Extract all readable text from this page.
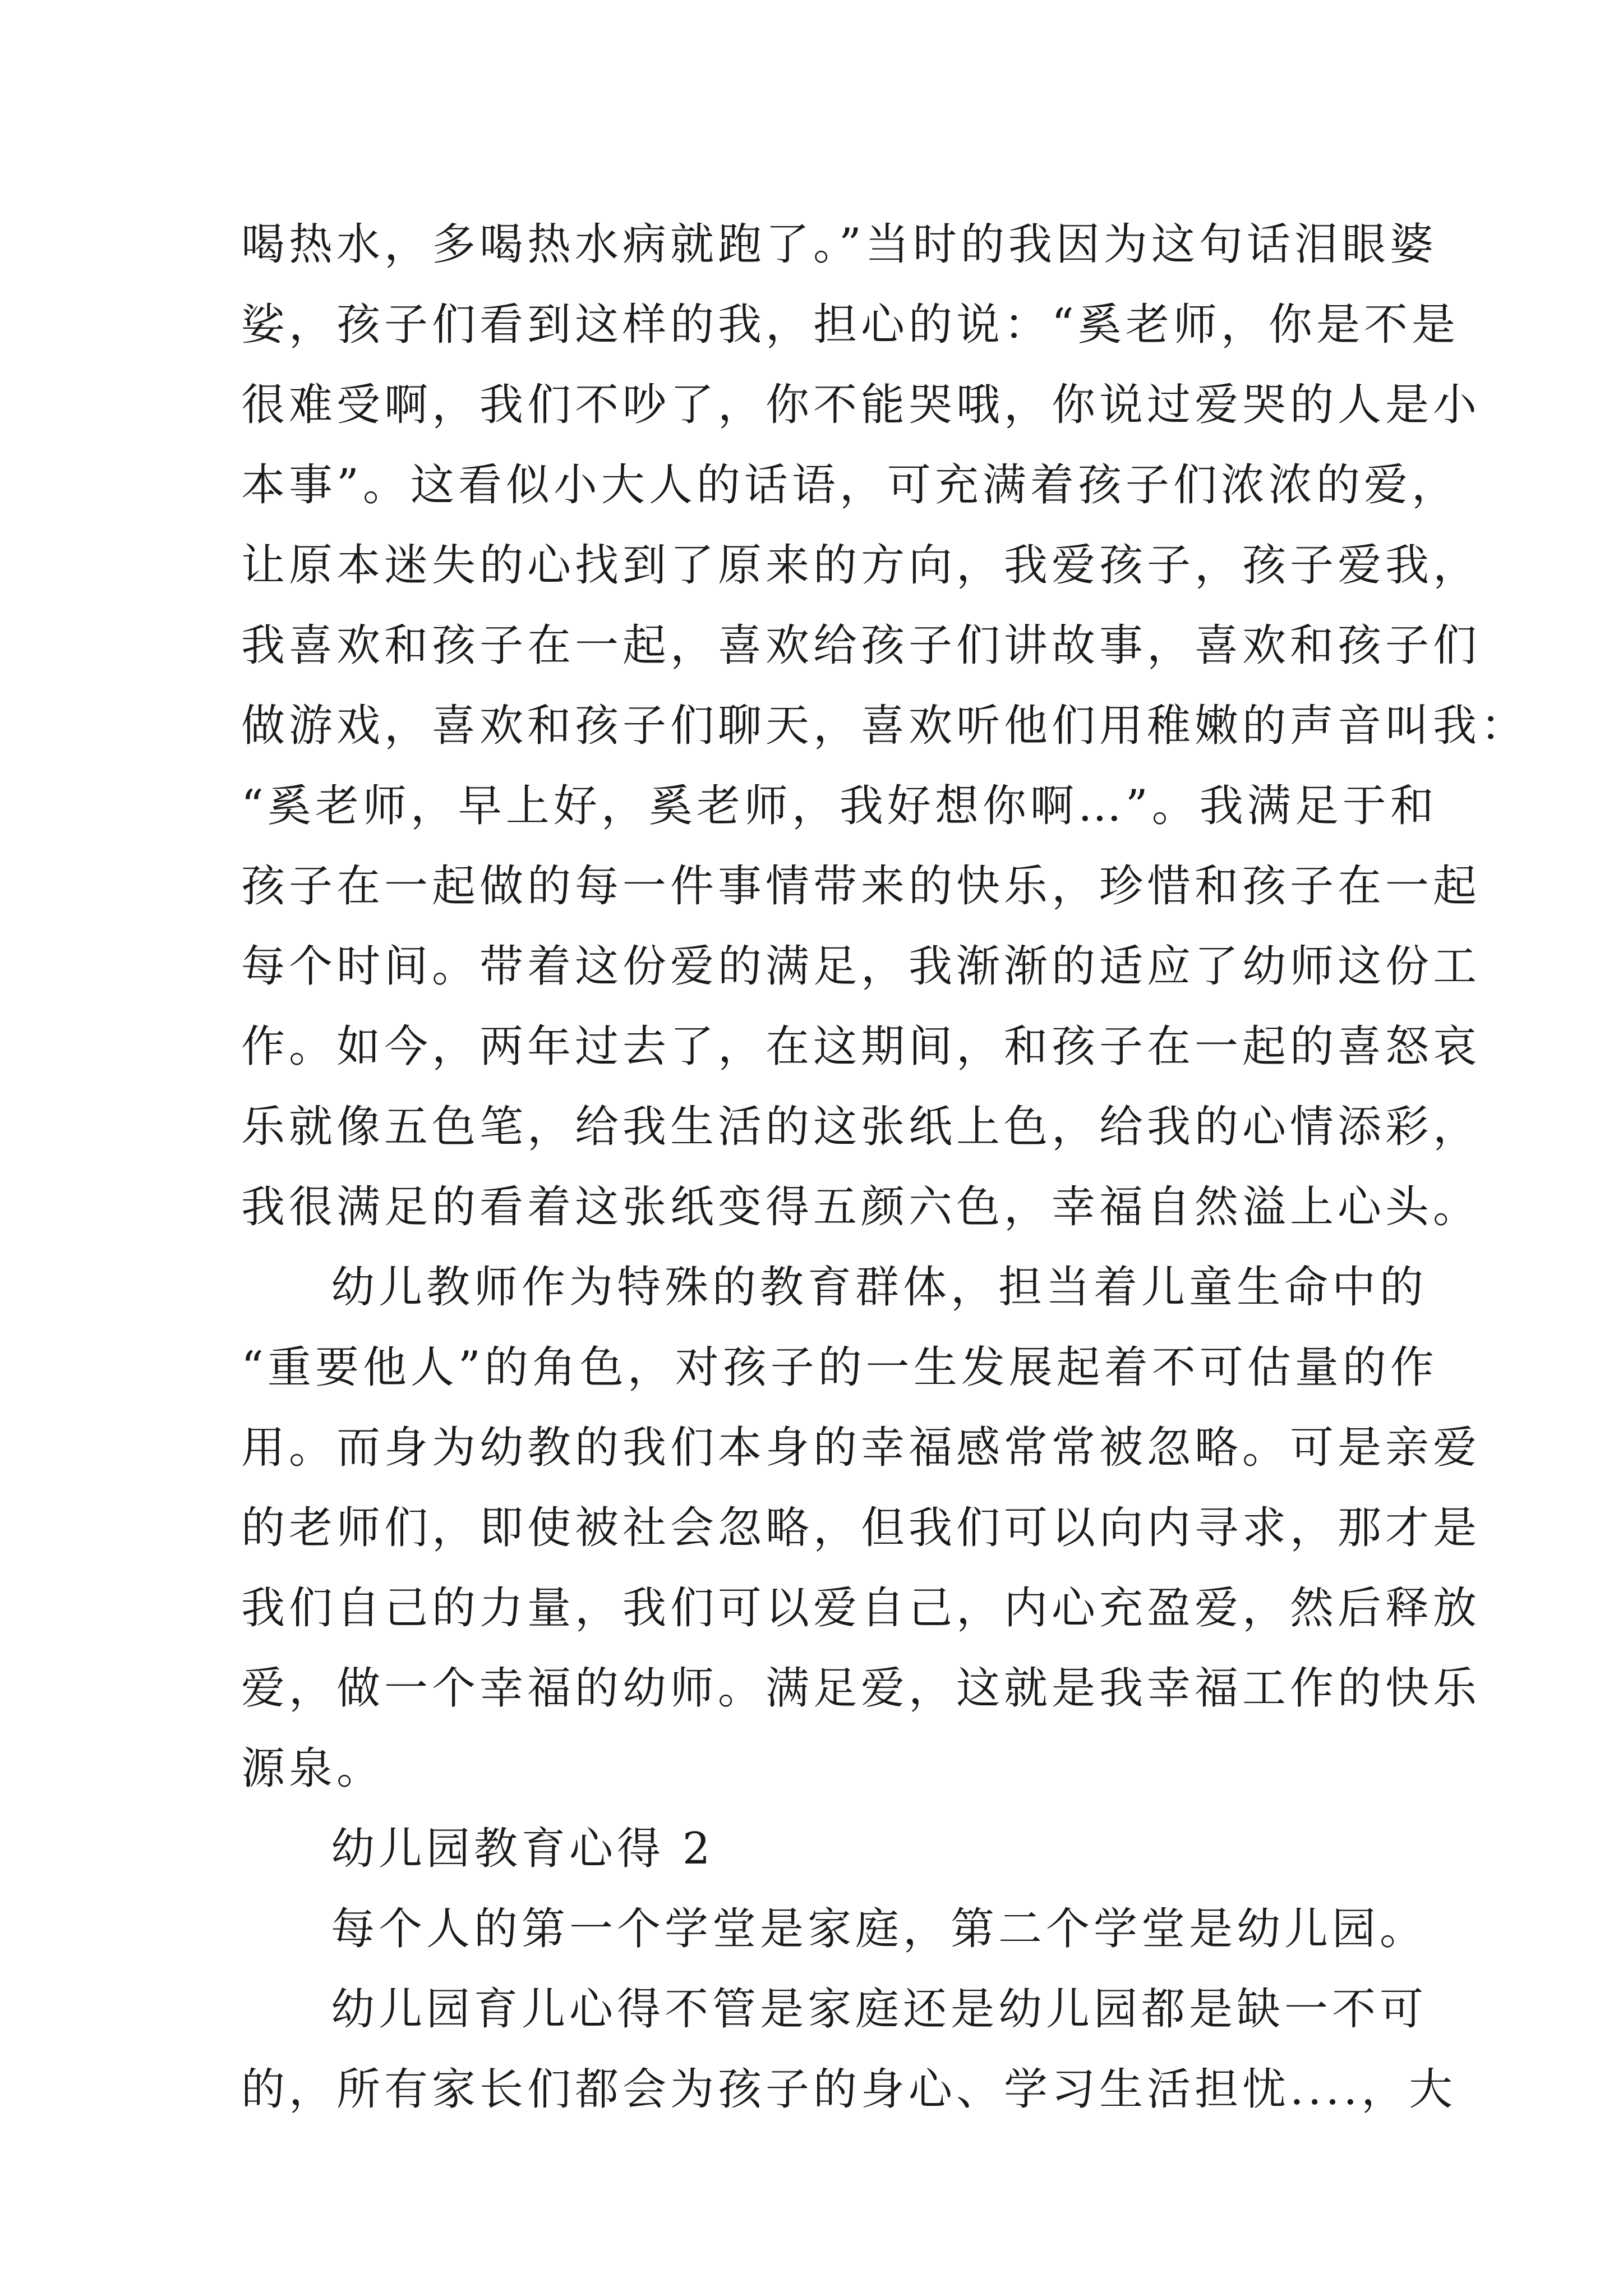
喝热水，多喝热水病就跑了。”当时的我因为这句话泪眼婆
娑，孩子们看到这样的我，担心的说：“奚老师，你是不是
很难受啊，我们不吵了，你不能哭哦，你说过爱哭的人是小
本事”。这看似小大人的话语，可充满着孩子们浓浓的爱，
让原本迷失的心找到了原来的方向，我爱孩子，孩子爱我，
我喜欢和孩子在一起，喜欢给孩子们讲故事，喜欢和孩子们
做游戏，喜欢和孩子们聊天，喜欢听他们用稚嫩的声音叫我：
“奚老师，早上好，奚老师，我好想你啊…”。我满足于和
孩子在一起做的每一件事情带来的快乐，珍惜和孩子在一起
每个时间。带着这份爱的满足，我渐渐的适应了幼师这份工
作。如今，两年过去了，在这期间，和孩子在一起的喜怒哀
乐就像五色笔，给我生活的这张纸上色，给我的心情添彩，
我很满足的看着这张纸变得五颜六色，幸福自然溢上心头。
幼儿教师作为特殊的教育群体，担当着儿童生命中的
“重要他人”的角色，对孩子的一生发展起着不可估量的作
用。而身为幼教的我们本身的幸福感常常被忽略。可是亲爱
的老师们，即使被社会忽略，但我们可以向内寻求，那才是
我们自己的力量，我们可以爱自己，内心充盈爱，然后释放
爱，做一个幸福的幼师。满足爱，这就是我幸福工作的快乐
源泉。
幼儿园教育心得 2
每个人的第一个学堂是家庭，第二个学堂是幼儿园。
幼儿园育儿心得不管是家庭还是幼儿园都是缺一不可
的，所有家长们都会为孩子的身心、学习生活担忧....，大
